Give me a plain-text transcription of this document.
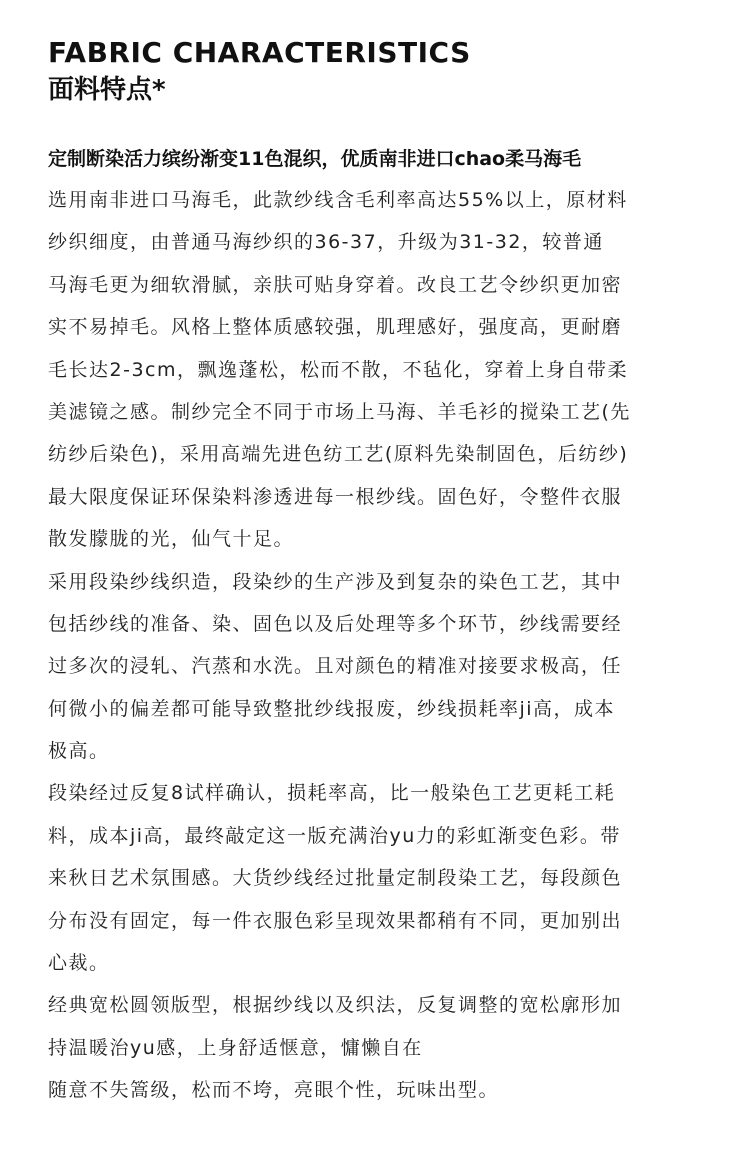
FABRIC CHARACTERISTICS
面料特点*
定制断染活力缤纷渐变11色混织，优质南非进口chao柔马海毛

选用南非进口马海毛，此款纱线含毛利率高达55%以上，原材料
纱织细度，由普通马海纱织的36-37，升级为31-32，较普通
马海毛更为细软滑腻，亲肤可贴身穿着。改良工艺令纱织更加密
实不易掉毛。风格上整体质感较强，肌理感好，强度高，更耐磨
毛长达2-3cm，飘逸蓬松，松而不散，不毡化，穿着上身自带柔
美滤镜之感。制纱完全不同于市场上马海、羊毛衫的搅染工艺(先
纺纱后染色)，采用高端先进色纺工艺(原料先染制固色，后纺纱)
最大限度保证环保染料渗透进每一根纱线。固色好，令整件衣服
散发朦胧的光，仙气十足。

采用段染纱线织造，段染纱的生产涉及到复杂的染色工艺，其中
包括纱线的准备、染、固色以及后处理等多个环节，纱线需要经
过多次的浸轧、汽蒸和水洗。且对颜色的精准对接要求极高，任
何微小的偏差都可能导致整批纱线报废，纱线损耗率ji高，成本
极高。

段染经过反复8试样确认，损耗率高，比一般染色工艺更耗工耗
料，成本ji高，最终敲定这一版充满治yu力的彩虹渐变色彩。带
来秋日艺术氛围感。大货纱线经过批量定制段染工艺，每段颜色
分布没有固定，每一件衣服色彩呈现效果都稍有不同，更加别出
心裁。

经典宽松圆领版型，根据纱线以及织法，反复调整的宽松廓形加
持温暖治yu感，上身舒适惬意，慵懒自在

随意不失篙级，松而不垮，亮眼个性，玩味出型。
